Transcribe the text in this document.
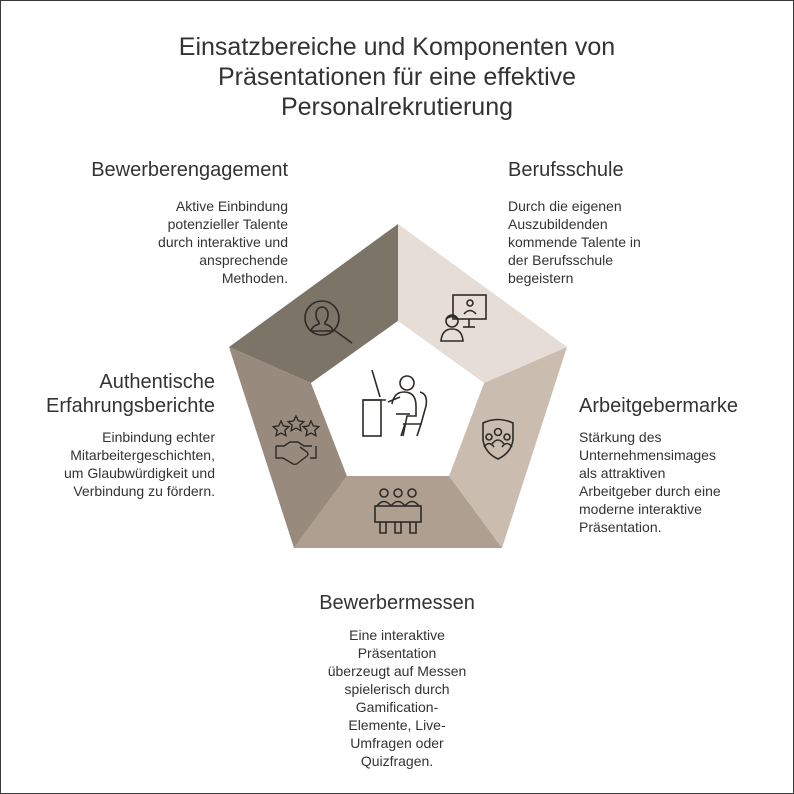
Einsatzbereiche und Komponenten von
Präsentationen für eine effektive
Personalrekrutierung
Bewerberengagement
Aktive Einbindung
potenzieller Talente
durch interaktive und
ansprechende
Methoden.
Berufsschule
Durch die eigenen
Auszubildenden
kommende Talente in
der Berufsschule
begeistern
Arbeitgebermarke
Stärkung des
Unternehmensimages
als attraktiven
Arbeitgeber durch eine
moderne interaktive
Präsentation.
Authentische
Erfahrungsberichte
Einbindung echter
Mitarbeitergeschichten,
um Glaubwürdigkeit und
Verbindung zu fördern.
Bewerbermessen
Eine interaktive
Präsentation
überzeugt auf Messen
spielerisch durch
Gamification-
Elemente, Live-
Umfragen oder
Quizfragen.
